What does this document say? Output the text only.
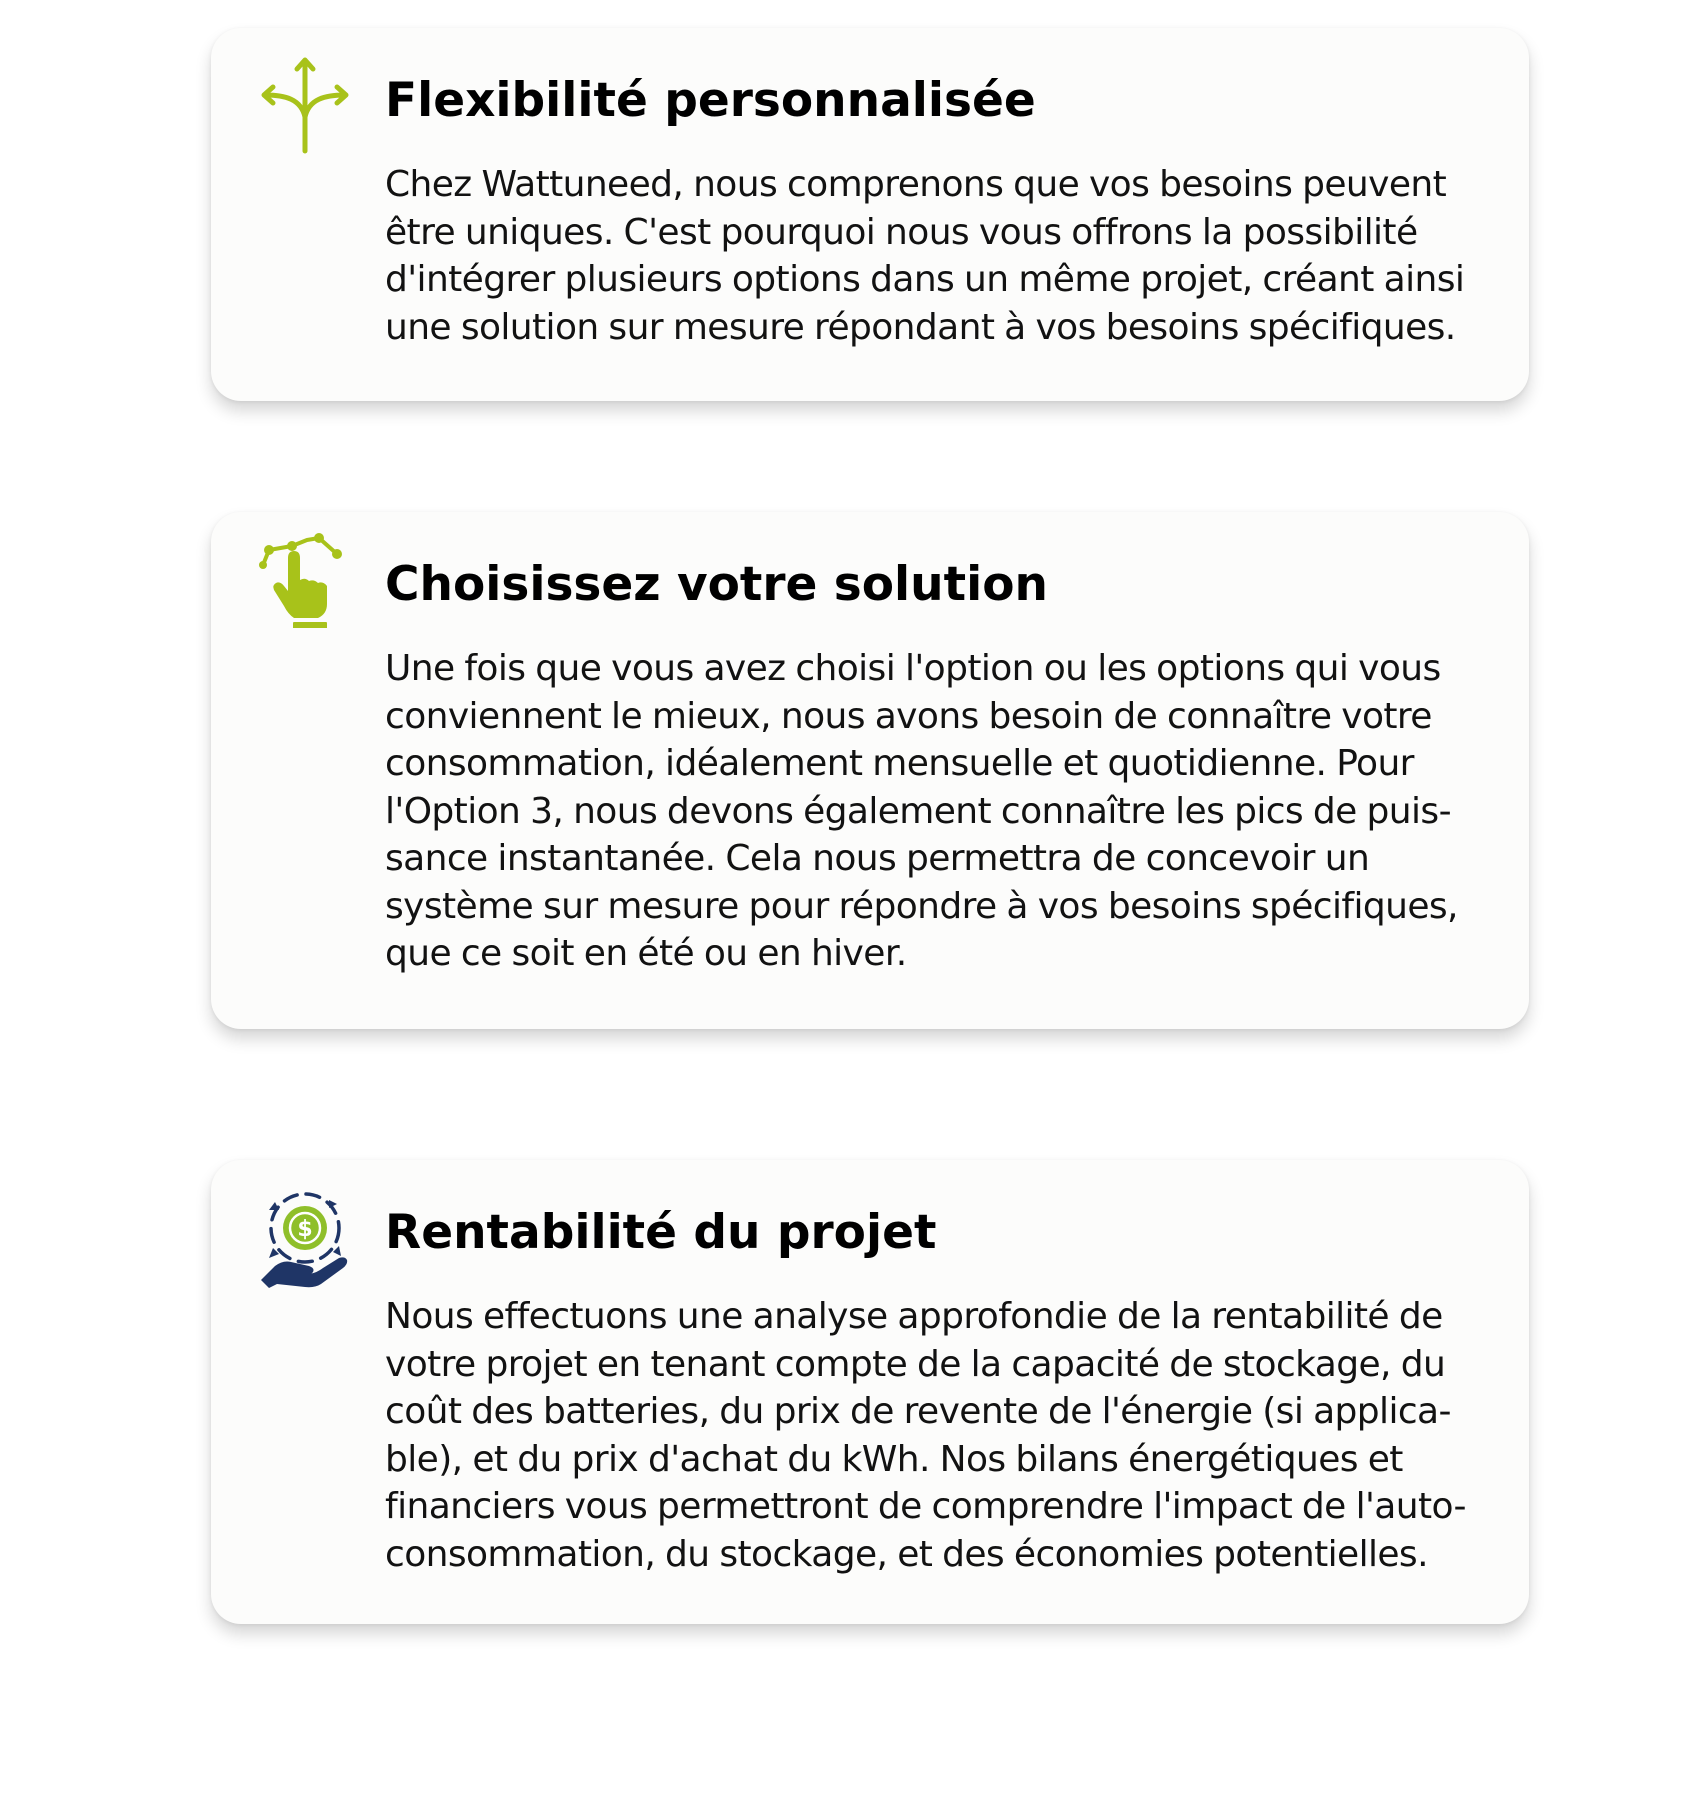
Flexibilité personnalisée

Chez Wattuneed, nous comprenons que vos besoins peuvent
être uniques. C'est pourquoi nous vous offrons la possibilité
d'intégrer plusieurs options dans un même projet, créant ainsi
une solution sur mesure répondant à vos besoins spécifiques.

Choisissez votre solution

Une fois que vous avez choisi l'option ou les options qui vous
conviennent le mieux, nous avons besoin de connaître votre
consommation, idéalement mensuelle et quotidienne. Pour
l'Option 3, nous devons également connaître les pics de puis-
sance instantanée. Cela nous permettra de concevoir un
système sur mesure pour répondre à vos besoins spécifiques,
que ce soit en été ou en hiver.

$ Rentabilité du projet

Nous effectuons une analyse approfondie de la rentabilité de
votre projet en tenant compte de la capacité de stockage, du
coût des batteries, du prix de revente de l'énergie (si applica-
ble), et du prix d'achat du kWh. Nos bilans énergétiques et
financiers vous permettront de comprendre l'impact de l'auto-
consommation, du stockage, et des économies potentielles.
